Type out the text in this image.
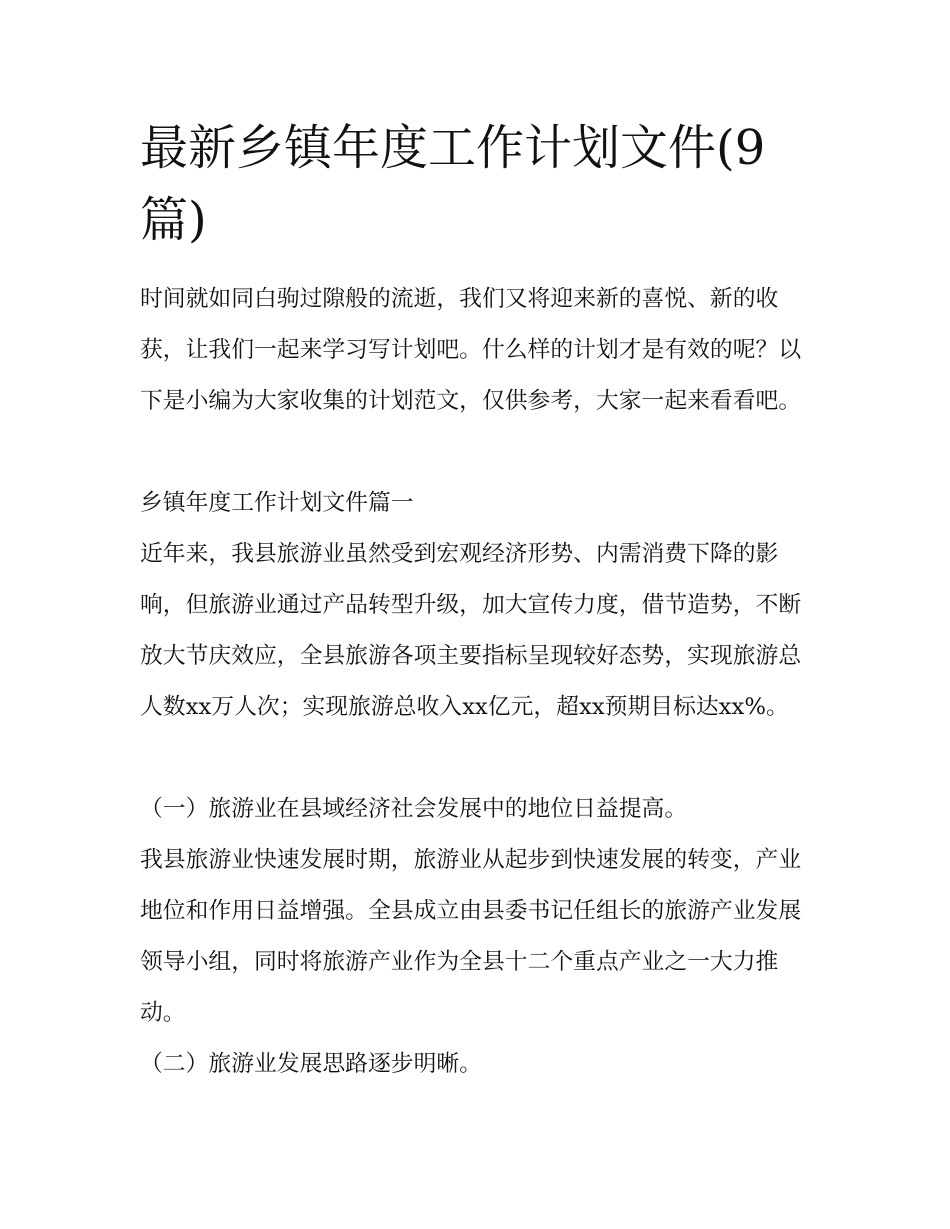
最新乡镇年度工作计划文件(9篇)

时间就如同白驹过隙般的流逝，我们又将迎来新的喜悦、新的收获，让我们一起来学习写计划吧。什么样的计划才是有效的呢？以下是小编为大家收集的计划范文，仅供参考，大家一起来看看吧。

乡镇年度工作计划文件篇一

近年来，我县旅游业虽然受到宏观经济形势、内需消费下降的影响，但旅游业通过产品转型升级，加大宣传力度，借节造势，不断放大节庆效应，全县旅游各项主要指标呈现较好态势，实现旅游总人数xx万人次；实现旅游总收入xx亿元，超xx预期目标达xx%。

（一）旅游业在县域经济社会发展中的地位日益提高。

我县旅游业快速发展时期，旅游业从起步到快速发展的转变，产业地位和作用日益增强。全县成立由县委书记任组长的旅游产业发展领导小组，同时将旅游产业作为全县十二个重点产业之一大力推动。

（二）旅游业发展思路逐步明晰。
